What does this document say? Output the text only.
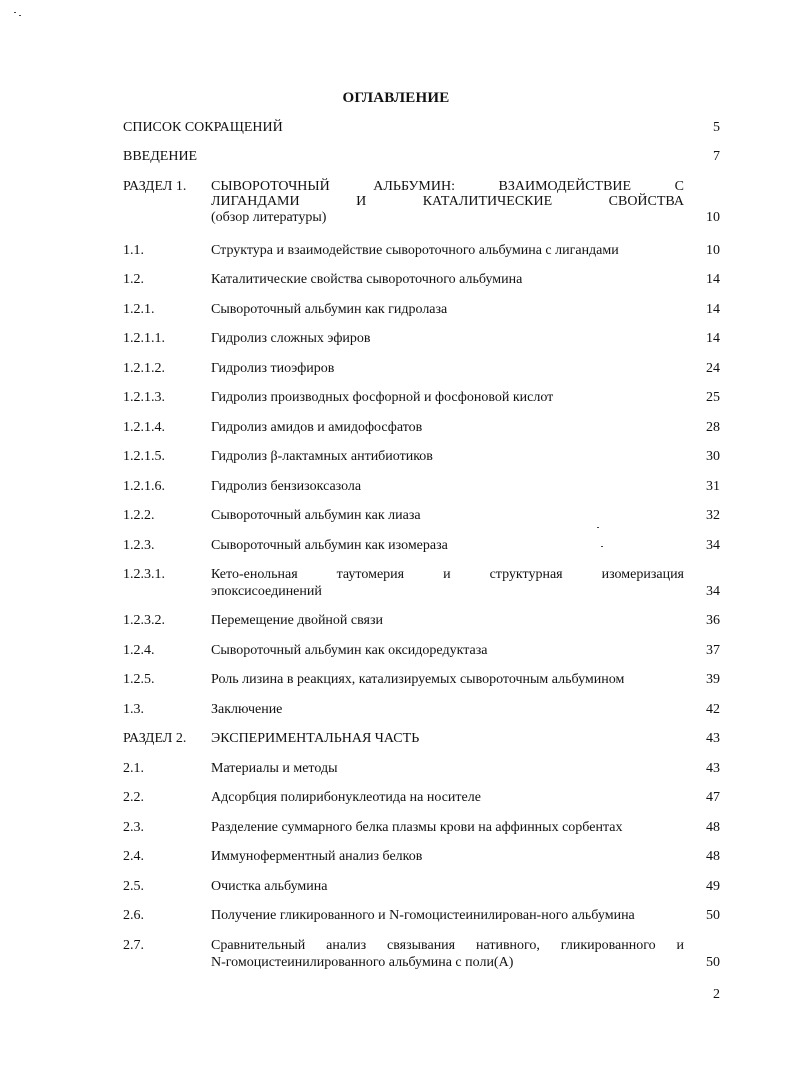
ОГЛАВЛЕНИЕ
СПИСОК СОКРАЩЕНИЙ	5
ВВЕДЕНИЕ	7
РАЗДЕЛ 1. СЫВОРОТОЧНЫЙ АЛЬБУМИН: ВЗАИМОДЕЙСТВИЕ С
ЛИГАНДАМИ И КАТАЛИТИЧЕСКИЕ СВОЙСТВА
(обзор литературы)	10
1.1.	Структура и взаимодействие сывороточного альбумина с лигандами	10
1.2.	Каталитические свойства сывороточного альбумина	14
1.2.1.	Сывороточный альбумин как гидролаза	14
1.2.1.1.	Гидролиз сложных эфиров	14
1.2.1.2.	Гидролиз тиоэфиров	24
1.2.1.3.	Гидролиз производных фосфорной и фосфоновой кислот	25
1.2.1.4.	Гидролиз амидов и амидофосфатов	28
1.2.1.5.	Гидролиз β-лактамных антибиотиков	30
1.2.1.6.	Гидролиз бензизоксазола	31
1.2.2.	Сывороточный альбумин как лиаза	32
1.2.3.	Сывороточный альбумин как изомераза	34
1.2.3.1.	Кето-енольная таутомерия и структурная изомеризация
эпоксисоединений	34
1.2.3.2.	Перемещение двойной связи	36
1.2.4.	Сывороточный альбумин как оксидоредуктаза	37
1.2.5.	Роль лизина в реакциях, катализируемых сывороточным альбумином	39
1.3.	Заключение	42
РАЗДЕЛ 2. ЭКСПЕРИМЕНТАЛЬНАЯ ЧАСТЬ	43
2.1.	Материалы и методы	43
2.2.	Адсорбция полирибонуклеотида на носителе	47
2.3.	Разделение суммарного белка плазмы крови на аффинных сорбентах	48
2.4.	Иммуноферментный анализ белков	48
2.5.	Очистка альбумина	49
2.6.	Получение гликированного и N-гомоцистеинилирован-ного альбумина	50
2.7.	Сравнительный анализ связывания нативного, гликированного и
N-гомоцистеинилированного альбумина с поли(А)	50
2
